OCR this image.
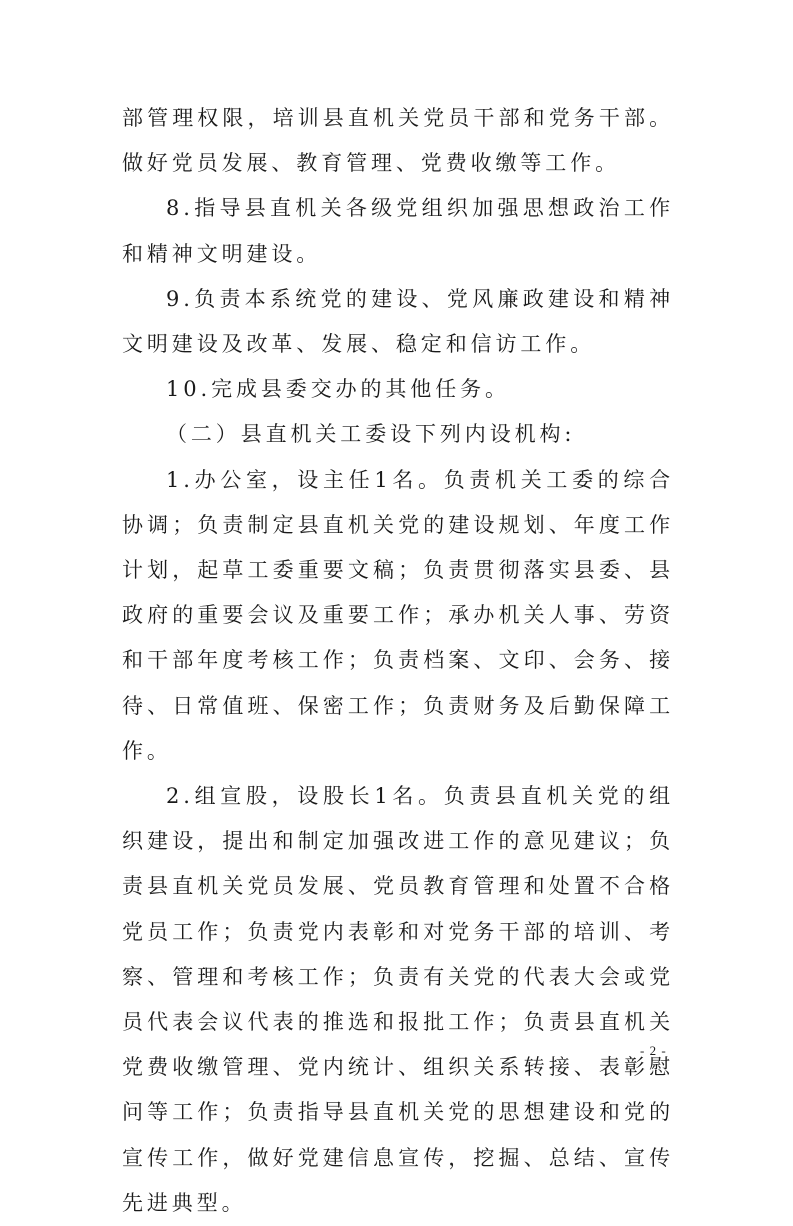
部管理权限，培训县直机关党员干部和党务干部。做好党员发展、教育管理、党费收缴等工作。

8.指导县直机关各级党组织加强思想政治工作和精神文明建设。

9.负责本系统党的建设、党风廉政建设和精神文明建设及改革、发展、稳定和信访工作。

10.完成县委交办的其他任务。

（二）县直机关工委设下列内设机构:

1.办公室，设主任1名。负责机关工委的综合协调；负责制定县直机关党的建设规划、年度工作计划，起草工委重要文稿；负责贯彻落实县委、县政府的重要会议及重要工作；承办机关人事、劳资和干部年度考核工作；负责档案、文印、会务、接待、日常值班、保密工作；负责财务及后勤保障工作。

2.组宣股，设股长1名。负责县直机关党的组织建设，提出和制定加强改进工作的意见建议；负责县直机关党员发展、党员教育管理和处置不合格党员工作；负责党内表彰和对党务干部的培训、考察、管理和考核工作；负责有关党的代表大会或党员代表会议代表的推选和报批工作；负责县直机关党费收缴管理、党内统计、组织关系转接、表彰慰问等工作；负责指导县直机关党的思想建设和党的宣传工作，做好党建信息宣传，挖掘、总结、宣传先进典型。

- 2 -
